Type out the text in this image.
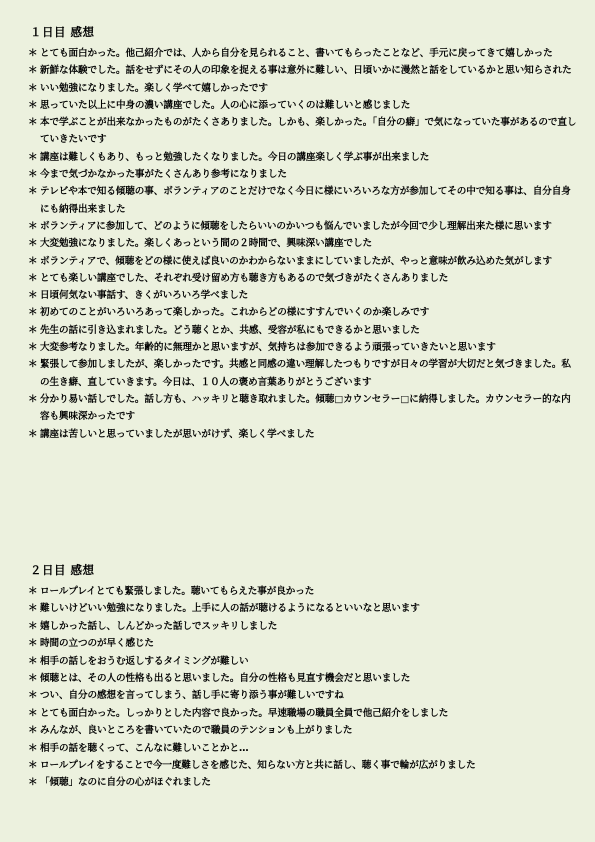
１日目 感想
＊ とても面白かった。他己紹介では、人から自分を見られること、書いてもらったことなど、手元に戻ってきて嬉しかった
＊ 新鮮な体験でした。話をせずにその人の印象を捉える事は意外に難しい、日頃いかに漫然と話をしているかと思い知らされた
＊ いい勉強になりました。楽しく学べて嬉しかったです
＊ 思っていた以上に中身の濃い講座でした。人の心に添っていくのは難しいと感じました
＊ 本で学ぶことが出来なかったものがたくさありました。しかも、楽しかった。「自分の癖」で気になっていた事があるので直していきたいです
＊ 講座は難しくもあり、もっと勉強したくなりました。今日の講座楽しく学ぶ事が出来ました
＊ 今まで気づかなかった事がたくさんあり参考になりました
＊ テレビや本で知る傾聴の事、ボランティアのことだけでなく今日に様にいろいろな方が参加してその中で知る事は、自分自身にも納得出来ました
＊ ボランティアに参加して、どのように傾聴をしたらいいのかいつも悩んでいましたが今回で少し理解出来た様に思います
＊ 大変勉強になりました。楽しくあっという間の２時間で、興味深い講座でした
＊ ボランティアで、傾聴をどの様に使えば良いのかわからないままにしていましたが、やっと意味が飲み込めた気がします
＊ とても楽しい講座でした、それぞれ受け留め方も聴き方もあるので気づきがたくさんありました
＊ 日頃何気ない事話す、きくがいろいろ学べました
＊ 初めてのことがいろいろあって楽しかった。これからどの様にすすんでいくのか楽しみです
＊ 先生の話に引き込まれました。どう聴くとか、共感、受容が私にもできるかと思いました
＊ 大変参考なりました。年齢的に無理かと思いますが、気持ちは参加できるよう頑張っていきたいと思います
＊ 緊張して参加しましたが、楽しかったです。共感と同感の違い理解したつもりですが日々の学習が大切だと気づきました。私の生き癖、直していきます。今日は、１０人の褒め言葉ありがとうございます
＊ 分かり易い話しでした。話し方も、ハッキリと聴き取れました。傾聴□カウンセラー□に納得しました。カウンセラー的な内容も興味深かったです
＊ 講座は苦しいと思っていましたが思いがけず、楽しく学べました
２日目 感想
＊ ロールプレイとても緊張しました。聴いてもらえた事が良かった
＊ 難しいけどいい勉強になりました。上手に人の話が聴けるようになるといいなと思います
＊ 嬉しかった話し、しんどかった話しでスッキリしました
＊ 時間の立つのが早く感じた
＊ 相手の話しをおうむ返しするタイミングが難しい
＊ 傾聴とは、その人の性格も出ると思いました。自分の性格も見直す機会だと思いました
＊ つい、自分の感想を言ってしまう、話し手に寄り添う事が難しいですね
＊ とても面白かった。しっかりとした内容で良かった。早速職場の職員全員で他己紹介をしました
＊ みんなが、良いところを書いていたので職員のテンションも上がりました
＊ 相手の話を聴くって、こんなに難しいことかと…
＊ ロールプレイをすることで今一度難しさを感じた、知らない方と共に話し、聴く事で輪が広がりました
＊ 「傾聴」なのに自分の心がほぐれました
